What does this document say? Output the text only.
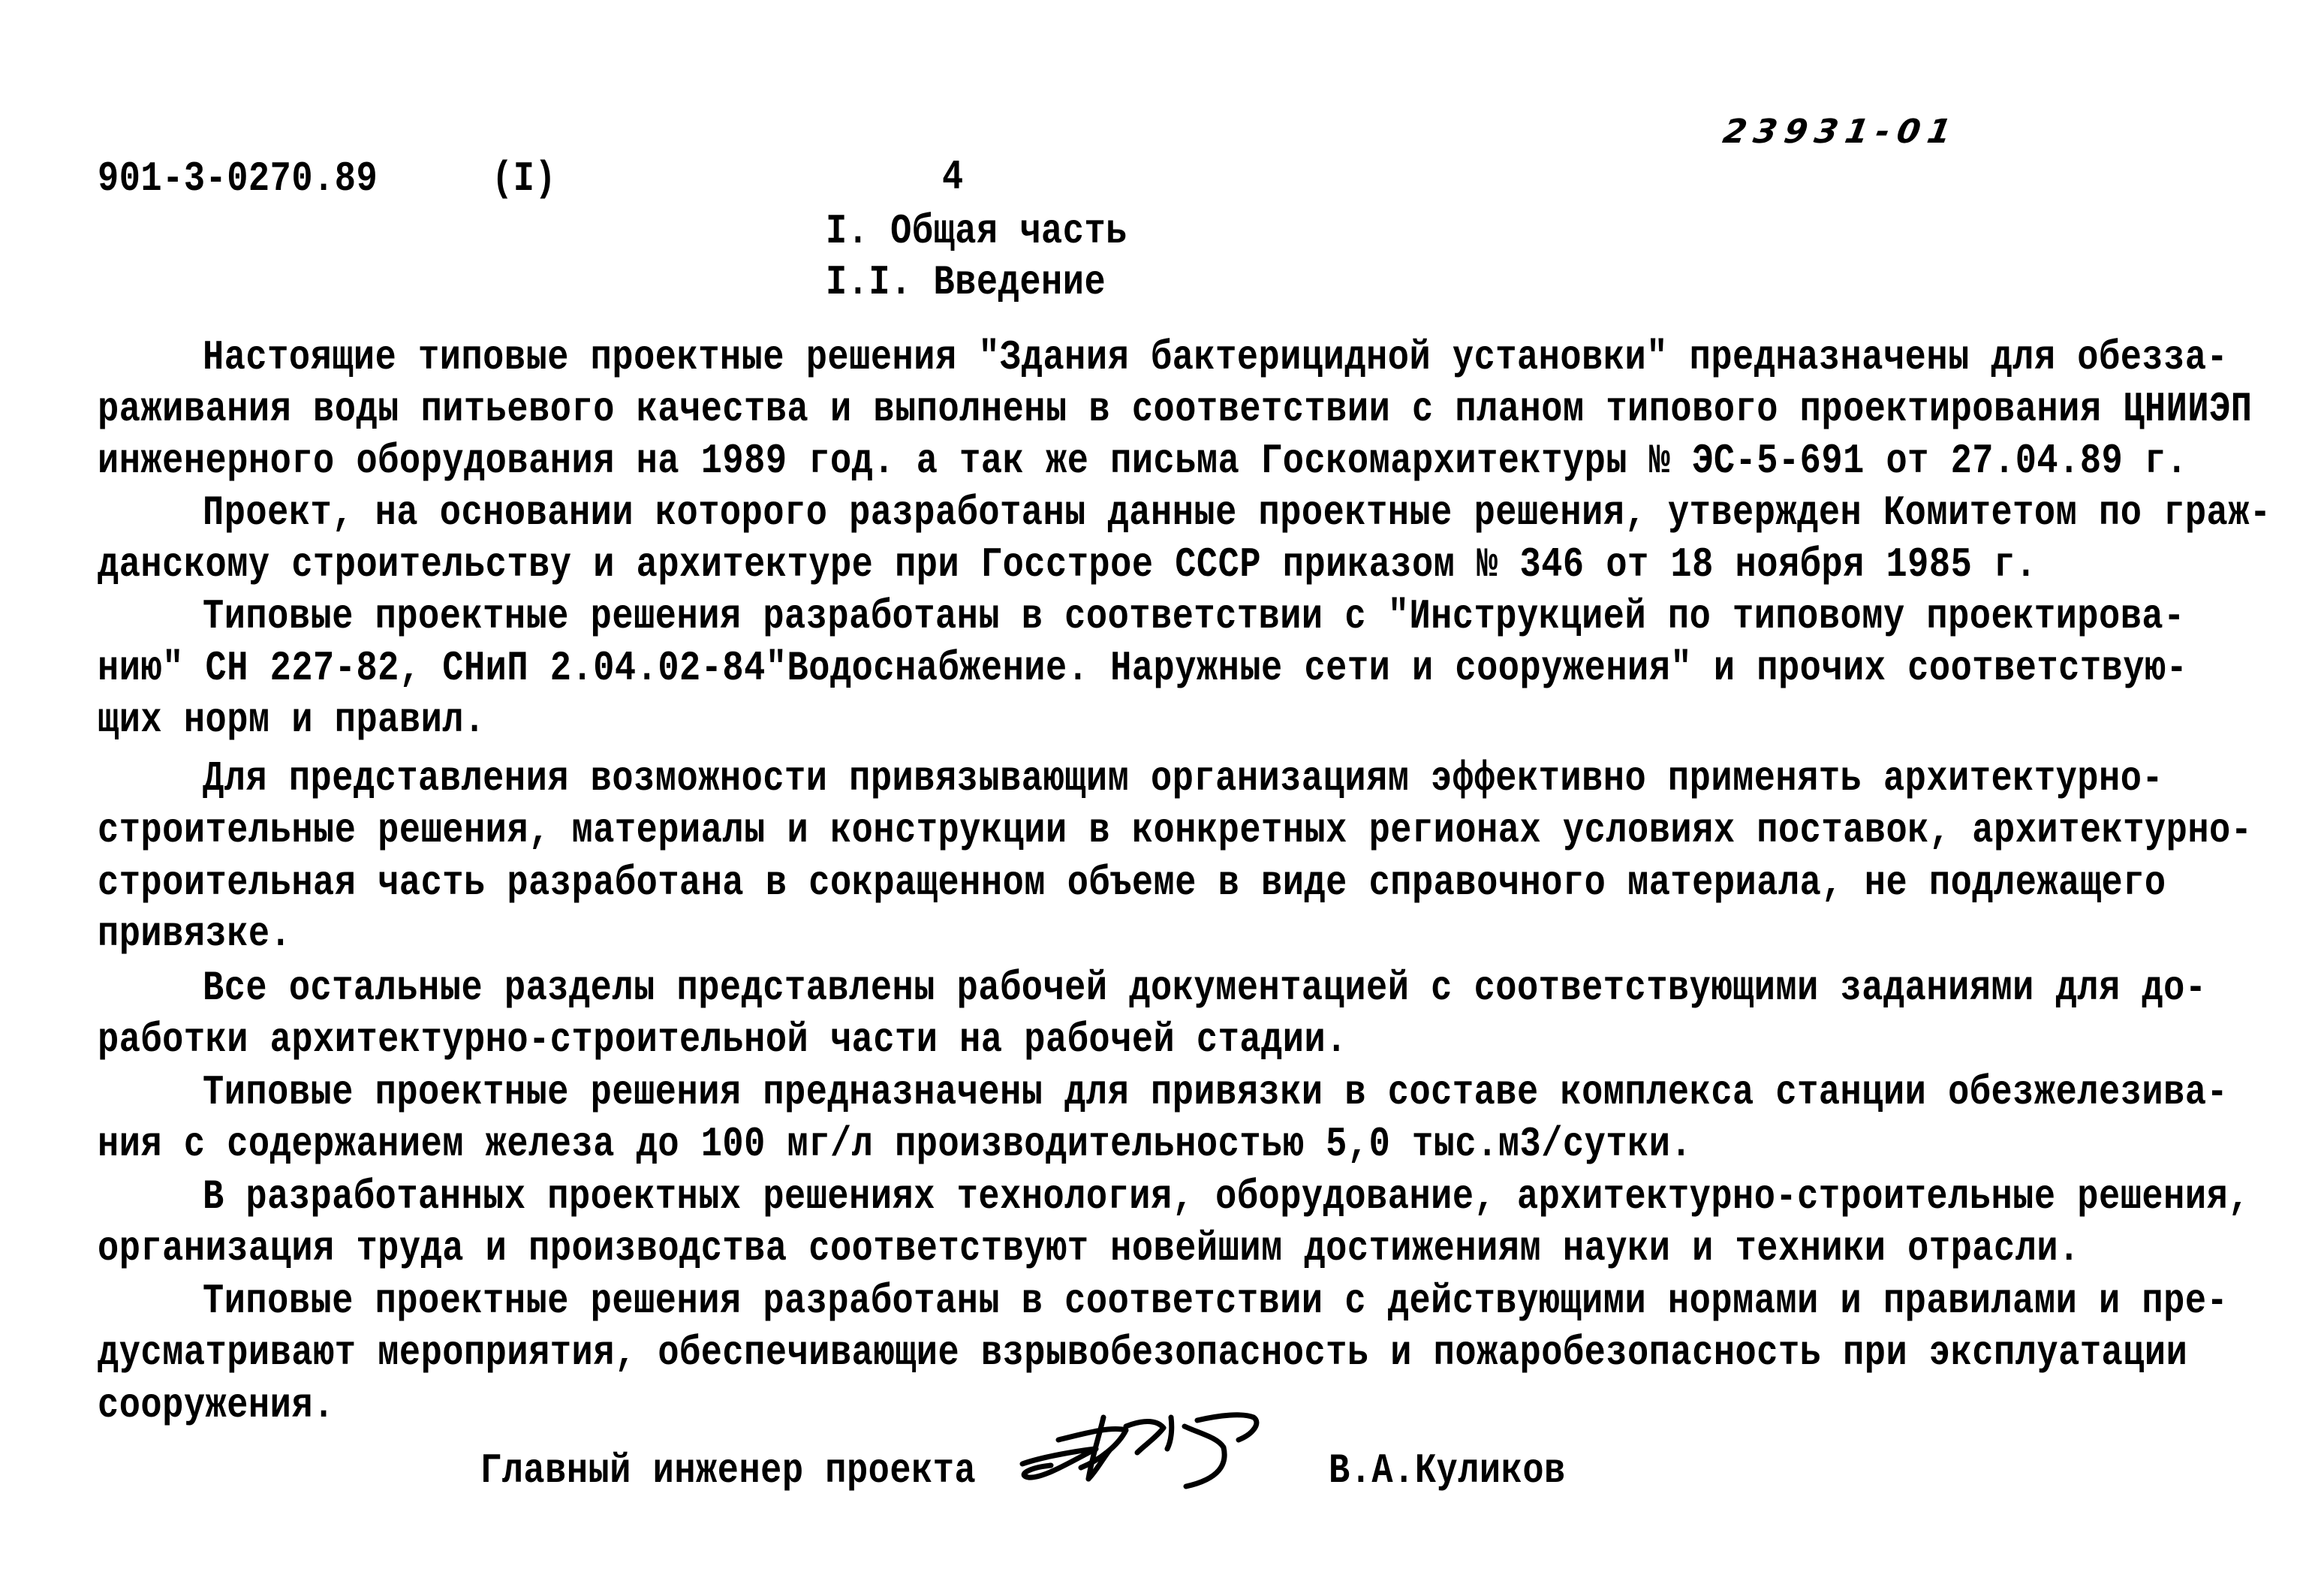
23931-01
901-3-0270.89	(I)	4
I. Общая часть
I.I. Введение
Настоящие типовые проектные решения "Здания бактерицидной установки" предназначены для обезза-
раживания воды питьевого качества и выполнены в соответствии с планом типового проектирования ЦНИИЭП
инженерного оборудования на 1989 год. а так же письма Госкомархитектуры № ЭС-5-691 от 27.04.89 г.
Проект, на основании которого разработаны данные проектные решения, утвержден Комитетом по граж-
данскому строительству и архитектуре при Госстрое СССР приказом № 346 от 18 ноября 1985 г.
Типовые проектные решения разработаны в соответствии с "Инструкцией по типовому проектирова-
нию" СН 227-82, СНиП 2.04.02-84"Водоснабжение. Наружные сети и сооружения" и прочих соответствую-
щих норм и правил.
Для представления возможности привязывающим организациям эффективно применять архитектурно-
строительные решения, материалы и конструкции в конкретных регионах условиях поставок, архитектурно-
строительная часть разработана в сокращенном объеме в виде справочного материала, не подлежащего
привязке.
Все остальные разделы представлены рабочей документацией с соответствующими заданиями для до-
работки архитектурно-строительной части на рабочей стадии.
Типовые проектные решения предназначены для привязки в составе комплекса станции обезжелезива-
ния с содержанием железа до 100 мг/л производительностью 5,0 тыс.м3/сутки.
В разработанных проектных решениях технология, оборудование, архитектурно-строительные решения,
организация труда и производства соответствуют новейшим достижениям науки и техники отрасли.
Типовые проектные решения разработаны в соответствии с действующими нормами и правилами и пре-
дусматривают мероприятия, обеспечивающие взрывобезопасность и пожаробезопасность при эксплуатации
сооружения.
Главный инженер проекта	В.А.Куликов
